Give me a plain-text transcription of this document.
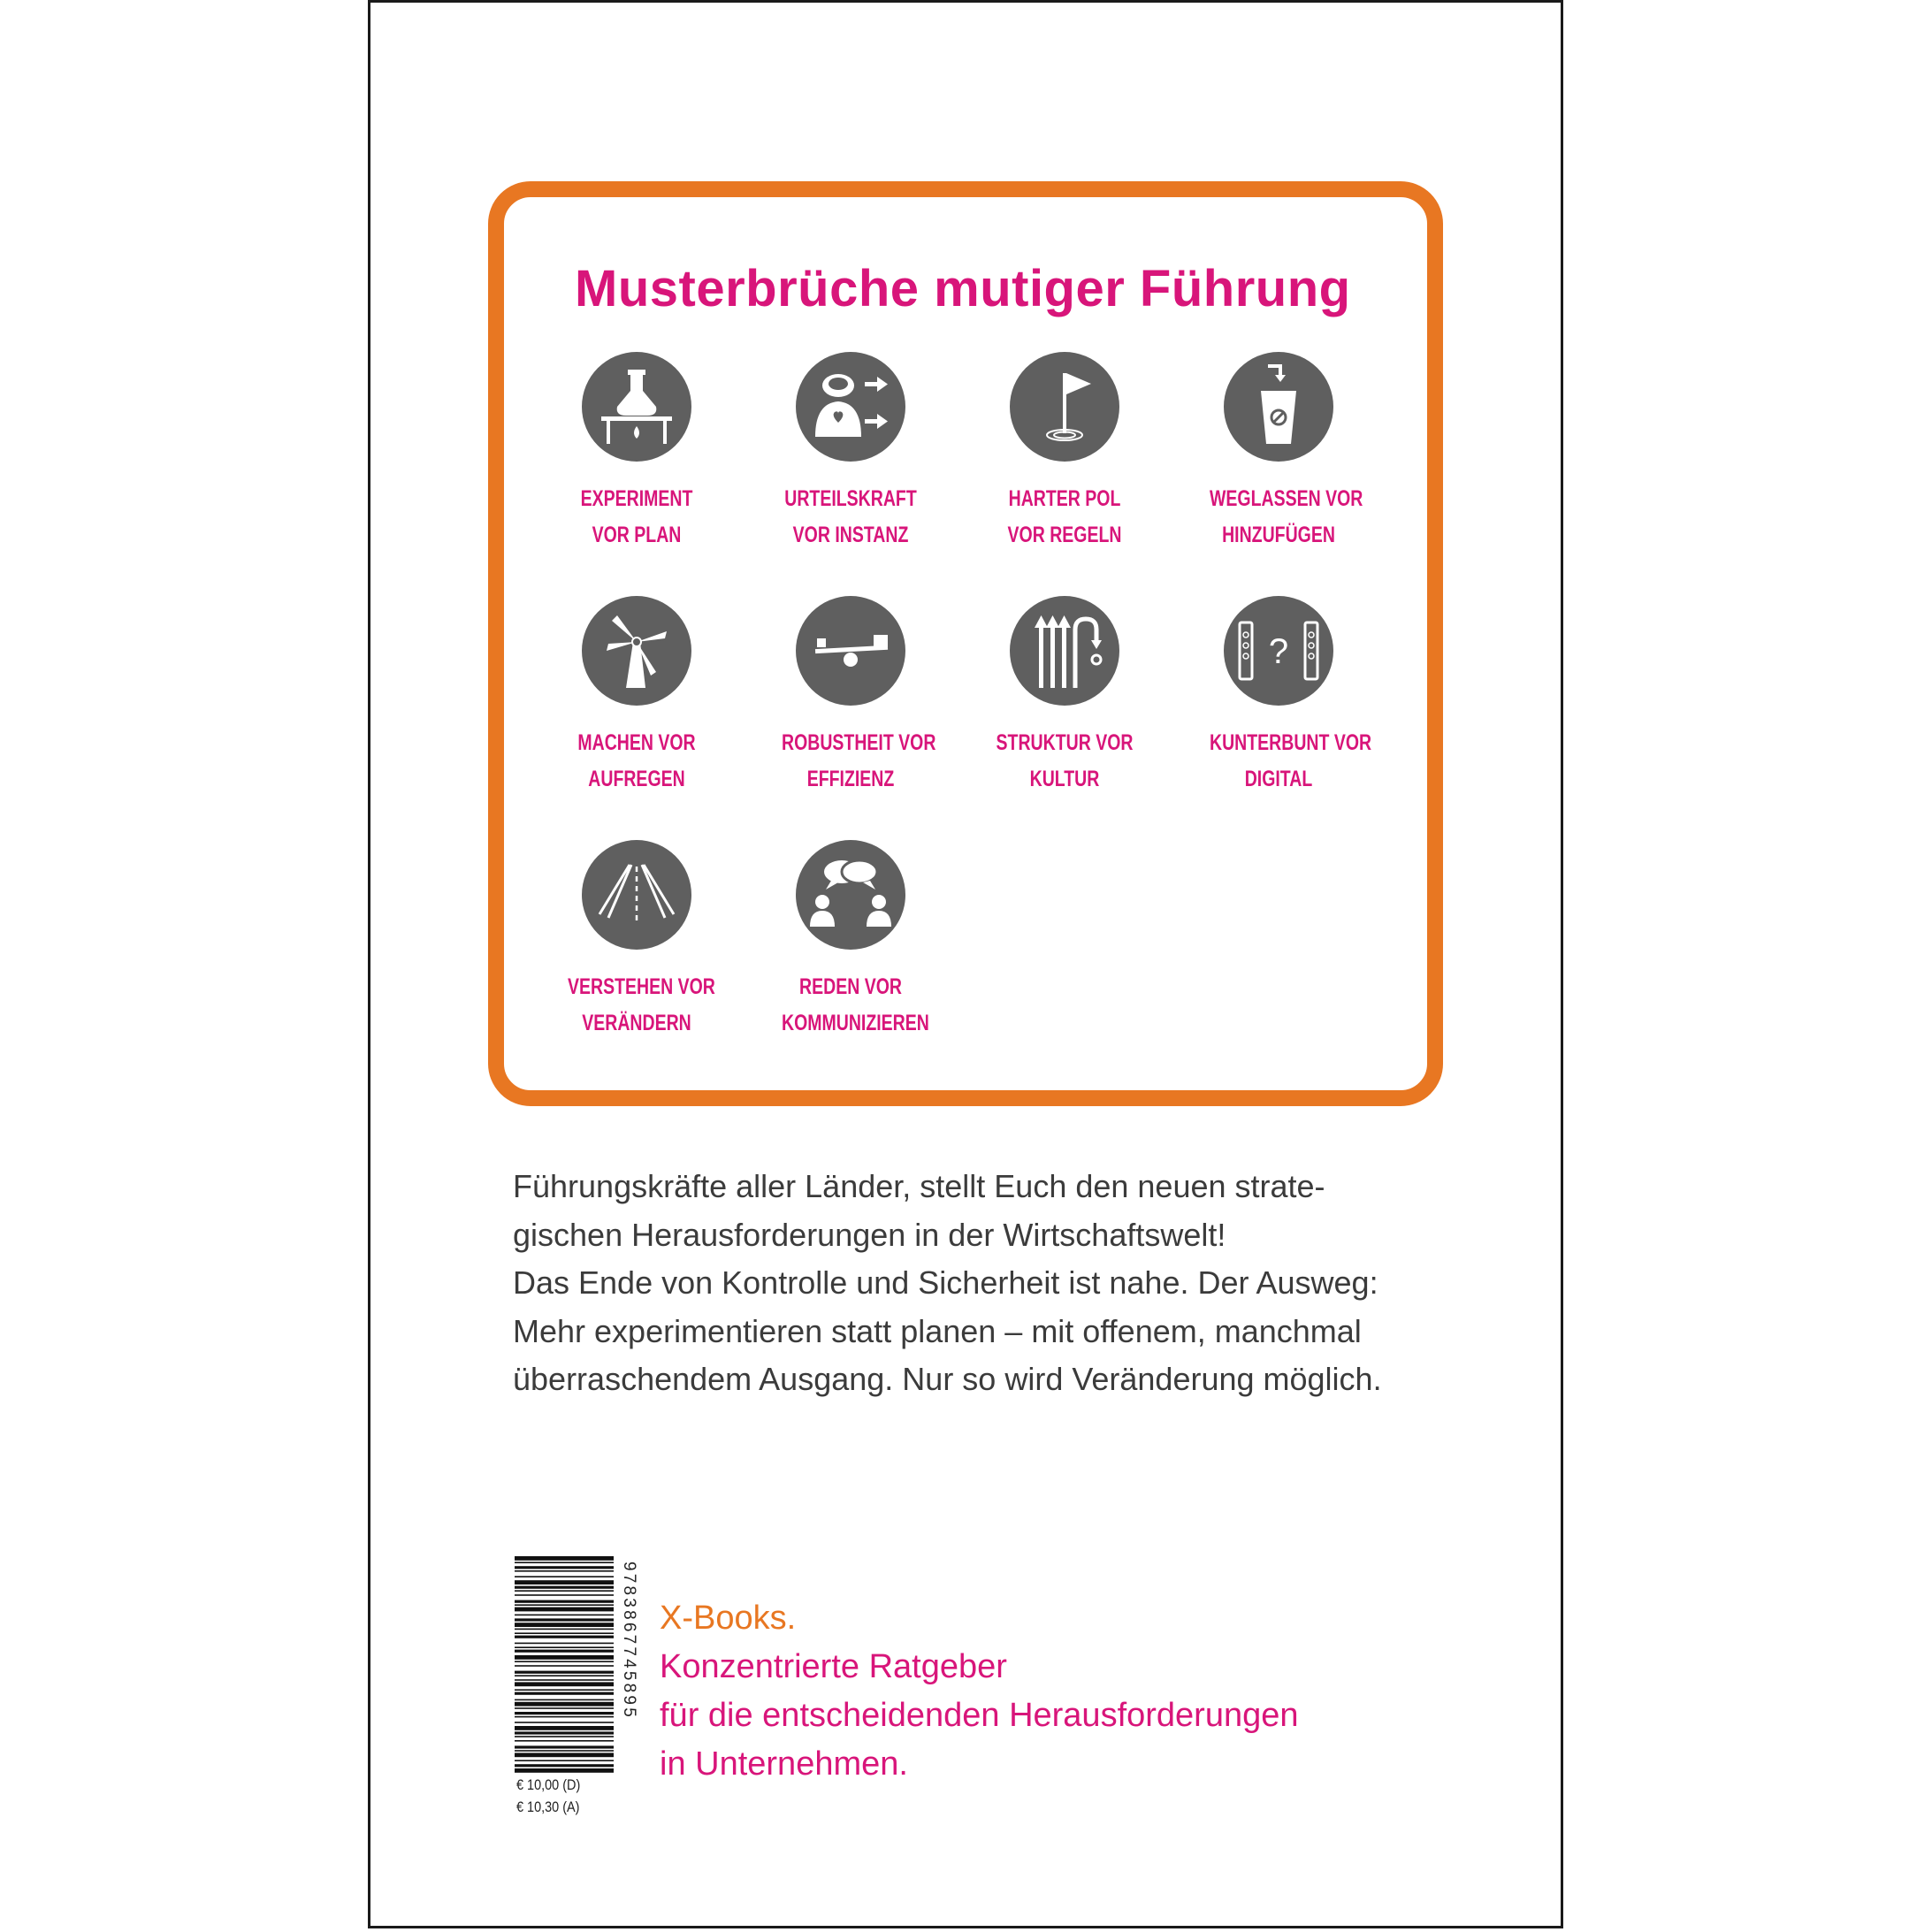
Musterbrüche mutiger Führung
EXPERIMENT
VOR PLAN
URTEILSKRAFT
VOR INSTANZ
HARTER POL
VOR REGELN
WEGLASSEN VOR
HINZUFÜGEN
MACHEN VOR
AUFREGEN
ROBUSTHEIT VOR
EFFIZIENZ
STRUKTUR VOR
KULTUR
?
KUNTERBUNT VOR
DIGITAL
VERSTEHEN VOR
VERÄNDERN
REDEN VOR
KOMMUNIZIEREN

Führungskräfte aller Länder, stellt Euch den neuen strate-

gischen Herausforderungen in der Wirtschaftswelt!

Das Ende von Kontrolle und Sicherheit ist nahe. Der Ausweg:

Mehr experimentieren statt planen – mit offenem, manchmal

überraschendem Ausgang. Nur so wird Veränderung möglich.

9783867745895
€ 10,00 (D)
€ 10,30 (A)
X-Books.
Konzentrierte Ratgeber
für die entscheidenden Herausforderungen
in Unternehmen.
